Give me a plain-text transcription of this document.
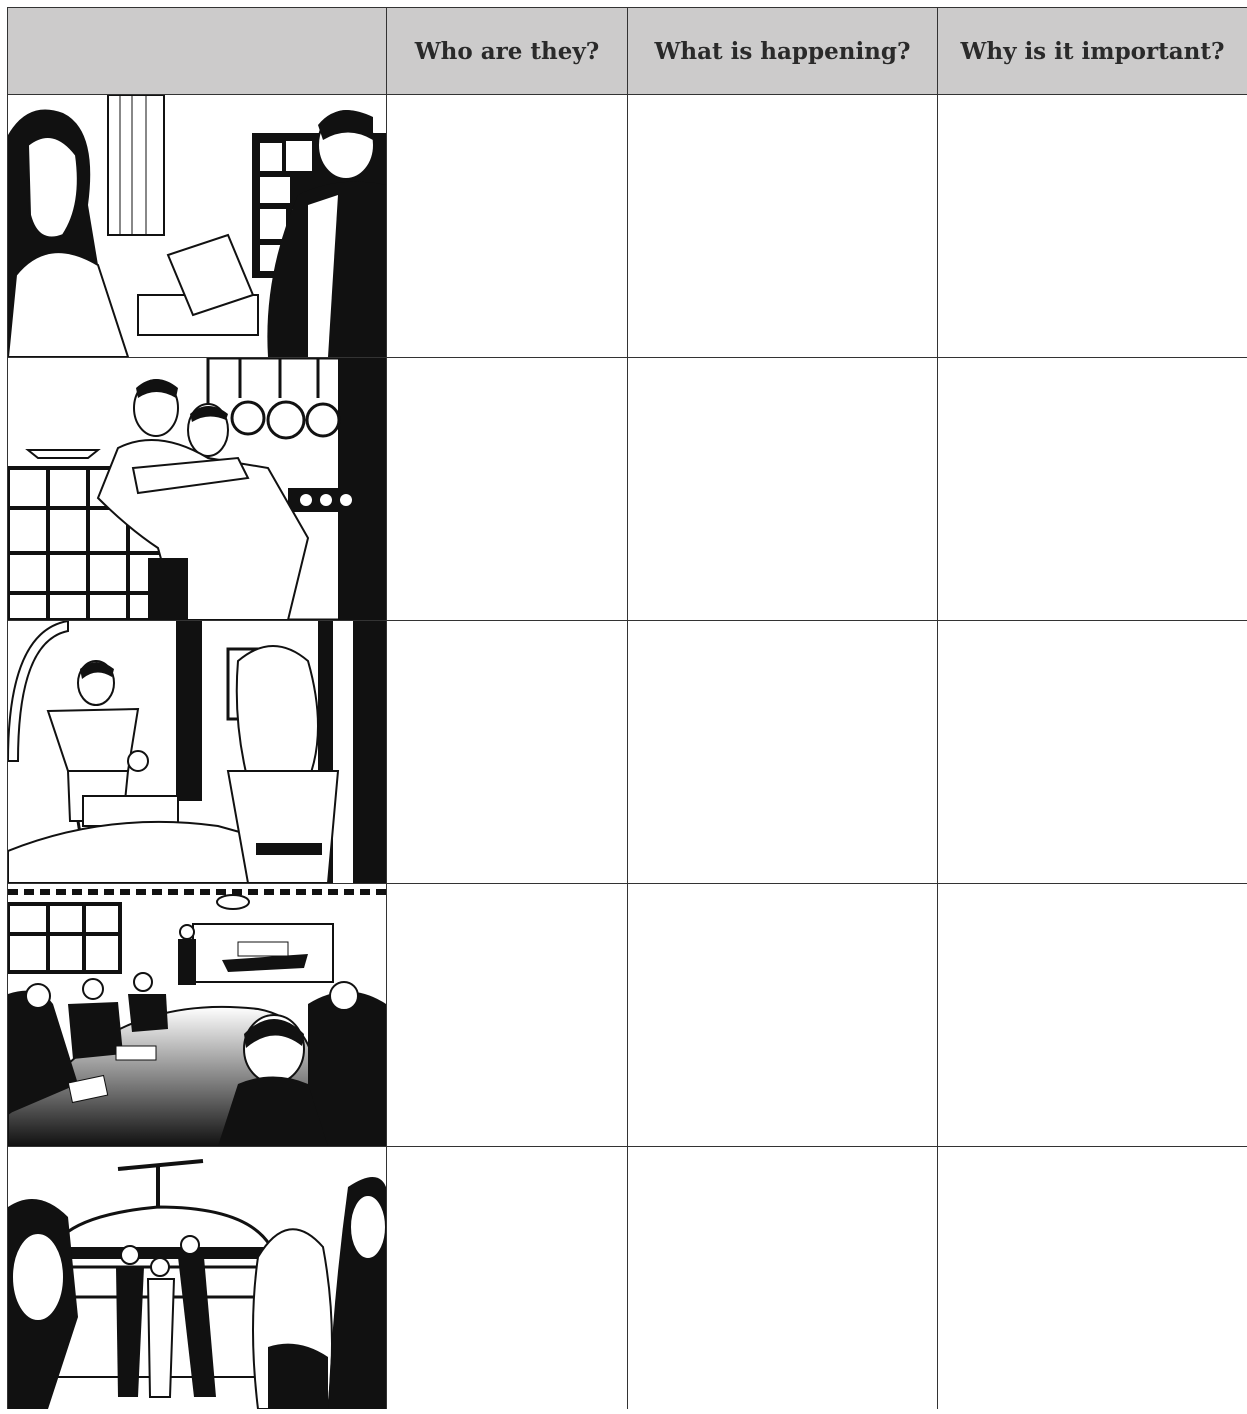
	Who are they?	What is happening?	Why is it important?
